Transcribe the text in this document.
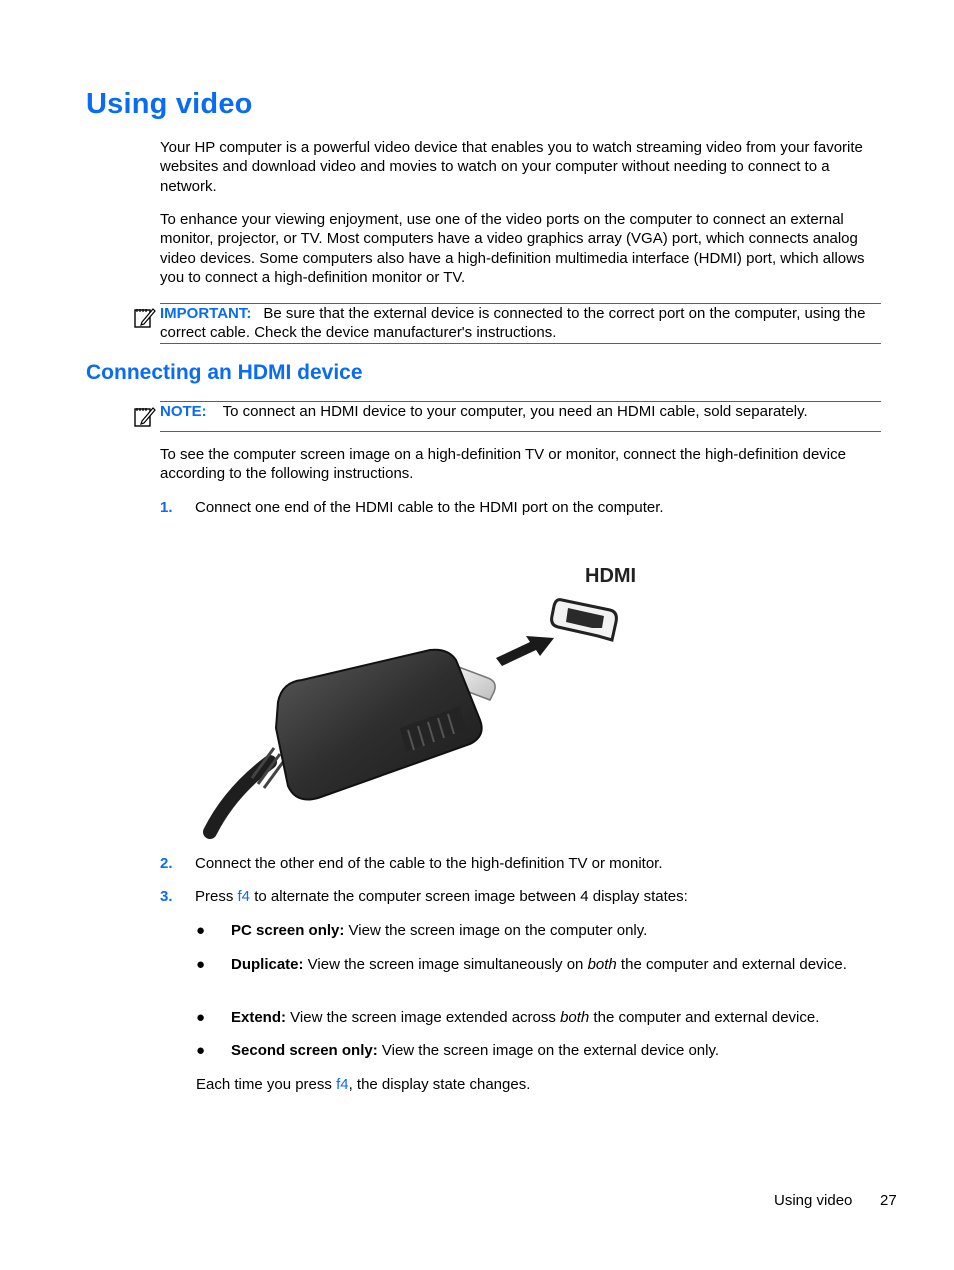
Using video

Your HP computer is a powerful video device that enables you to watch streaming video from your favorite websites and download video and movies to watch on your computer without needing to connect to a network.

To enhance your viewing enjoyment, use one of the video ports on the computer to connect an external monitor, projector, or TV. Most computers have a video graphics array (VGA) port, which connects analog video devices. Some computers also have a high-definition multimedia interface (HDMI) port, which allows you to connect a high-definition monitor or TV.

IMPORTANT: Be sure that the external device is connected to the correct port on the computer, using the correct cable. Check the device manufacturer's instructions.
Connecting an HDMI device
NOTE: To connect an HDMI device to your computer, you need an HDMI cable, sold separately.

To see the computer screen image on a high-definition TV or monitor, connect the high-definition device according to the following instructions.

1. Connect one end of the HDMI cable to the HDMI port on the computer.
HDMI
2. Connect the other end of the cable to the high-definition TV or monitor.
3. Press f4 to alternate the computer screen image between 4 display states:
● PC screen only: View the screen image on the computer only.
● Duplicate: View the screen image simultaneously on both the computer and external device.
● Extend: View the screen image extended across both the computer and external device.
● Second screen only: View the screen image on the external device only.
Each time you press f4, the display state changes.
Using video 27
